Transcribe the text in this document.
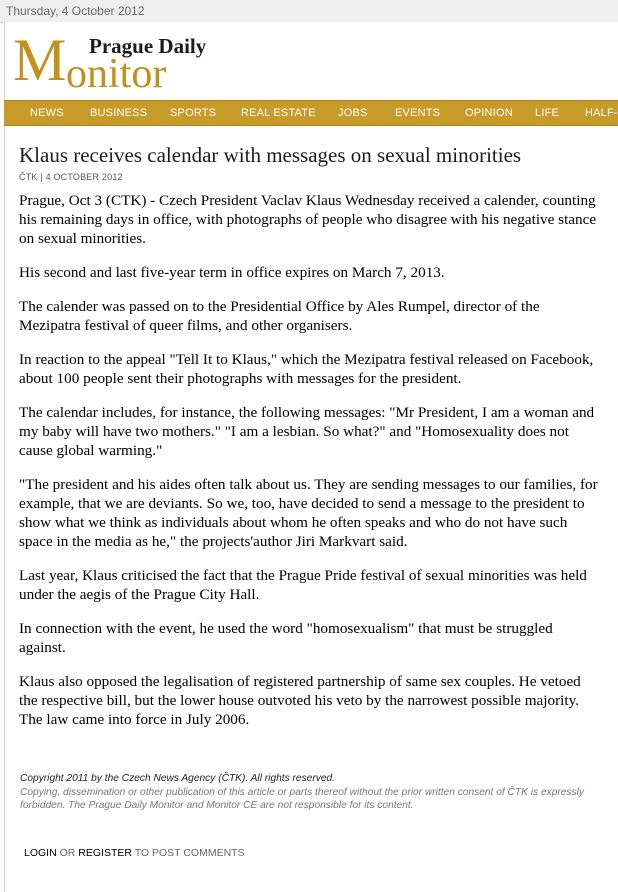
Thursday, 4 October 2012
M Prague Daily
onitor
NEWS BUSINESS SPORTS REAL ESTATE JOBS EVENTS OPINION LIFE HALF-
Klaus receives calendar with messages on sexual minorities
ČTK | 4 OCTOBER 2012

Prague, Oct 3 (CTK) - Czech President Vaclav Klaus Wednesday received a calender, counting his remaining days in office, with photographs of people who disagree with his negative stance on sexual minorities.

His second and last five-year term in office expires on March 7, 2013.

The calender was passed on to the Presidential Office by Ales Rumpel, director of the Mezipatra festival of queer films, and other organisers.

In reaction to the appeal "Tell It to Klaus," which the Mezipatra festival released on Facebook, about 100 people sent their photographs with messages for the president.

The calendar includes, for instance, the following messages: "Mr President, I am a woman and my baby will have two mothers." "I am a lesbian. So what?" and "Homosexuality does not cause global warming."

"The president and his aides often talk about us. They are sending messages to our families, for example, that we are deviants. So we, too, have decided to send a message to the president to show what we think as individuals about whom he often speaks and who do not have such space in the media as he," the projects'author Jiri Markvart said.

Last year, Klaus criticised the fact that the Prague Pride festival of sexual minorities was held under the aegis of the Prague City Hall.

In connection with the event, he used the word "homosexualism" that must be struggled against.

Klaus also opposed the legalisation of registered partnership of same sex couples. He vetoed the respective bill, but the lower house outvoted his veto by the narrowest possible majority. The law came into force in July 2006.

Copyright 2011 by the Czech News Agency (ČTK). All rights reserved.
Copying, dissemination or other publication of this article or parts thereof without the prior written consent of ČTK is expressly forbidden. The Prague Daily Monitor and Monitor CE are not responsible for its content.
LOGIN OR REGISTER TO POST COMMENTS
